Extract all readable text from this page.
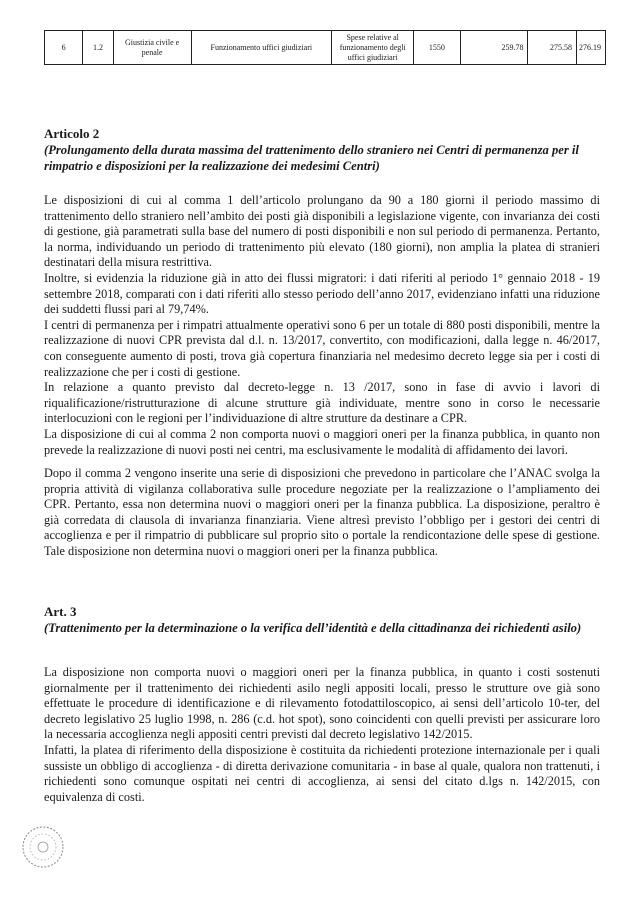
6	1.2	Giustizia civile e penale	Funzionamento uffici giudiziari	Spese relative al funzionamento degli uffici giudiziari	1550	259.78	275.58	276.19
Articolo 2

(Prolungamento della durata massima del trattenimento dello straniero nei Centri di permanenza per il rimpatrio e disposizioni per la realizzazione dei medesimi Centri)

Le disposizioni di cui al comma 1 dell’articolo prolungano da 90 a 180 giorni il periodo massimo di trattenimento dello straniero nell’ambito dei posti già disponibili a legislazione vigente, con invarianza dei costi di gestione, già parametrati sulla base del numero di posti disponibili e non sul periodo di permanenza. Pertanto, la norma, individuando un periodo di trattenimento più elevato (180 giorni), non amplia la platea di stranieri destinatari della misura restrittiva.

Inoltre, si evidenzia la riduzione già in atto dei flussi migratori: i dati riferiti al periodo 1° gennaio 2018 - 19 settembre 2018, comparati con i dati riferiti allo stesso periodo dell’anno 2017, evidenziano infatti una riduzione dei suddetti flussi pari al 79,74%.

I centri di permanenza per i rimpatri attualmente operativi sono 6 per un totale di 880 posti disponibili, mentre la realizzazione di nuovi CPR prevista dal d.l. n. 13/2017, convertito, con modificazioni, dalla legge n. 46/2017, con conseguente aumento di posti, trova già copertura finanziaria nel medesimo decreto legge sia per i costi di realizzazione che per i costi di gestione.

In relazione a quanto previsto dal decreto-legge n. 13 /2017, sono in fase di avvio i lavori di riqualificazione/ristrutturazione di alcune strutture già individuate, mentre sono in corso le necessarie interlocuzioni con le regioni per l’individuazione di altre strutture da destinare a CPR.

La disposizione di cui al comma 2 non comporta nuovi o maggiori oneri per la finanza pubblica, in quanto non prevede la realizzazione di nuovi posti nei centri, ma esclusivamente le modalità di affidamento dei lavori.

Dopo il comma 2 vengono inserite una serie di disposizioni che prevedono in particolare che l’ANAC svolga la propria attività di vigilanza collaborativa sulle procedure negoziate per la realizzazione o l’ampliamento dei CPR. Pertanto, essa non determina nuovi o maggiori oneri per la finanza pubblica. La disposizione, peraltro è già corredata di clausola di invarianza finanziaria. Viene altresì previsto l’obbligo per i gestori dei centri di accoglienza e per il rimpatrio di pubblicare sul proprio sito o portale la rendicontazione delle spese di gestione. Tale disposizione non determina nuovi o maggiori oneri per la finanza pubblica.

Art. 3

(Trattenimento per la determinazione o la verifica dell’identità e della cittadinanza dei richiedenti asilo)

La disposizione non comporta nuovi o maggiori oneri per la finanza pubblica, in quanto i costi sostenuti giornalmente per il trattenimento dei richiedenti asilo negli appositi locali, presso le strutture ove già sono effettuate le procedure di identificazione e di rilevamento fotodattiloscopico, ai sensi dell’articolo 10-ter, del decreto legislativo 25 luglio 1998, n. 286 (c.d. hot spot), sono coincidenti con quelli previsti per assicurare loro la necessaria accoglienza negli appositi centri previsti dal decreto legislativo 142/2015.

Infatti, la platea di riferimento della disposizione è costituita da richiedenti protezione internazionale per i quali sussiste un obbligo di accoglienza - di diretta derivazione comunitaria - in base al quale, qualora non trattenuti, i richiedenti sono comunque ospitati nei centri di accoglienza, ai sensi del citato d.lgs n. 142/2015, con equivalenza di costi.
